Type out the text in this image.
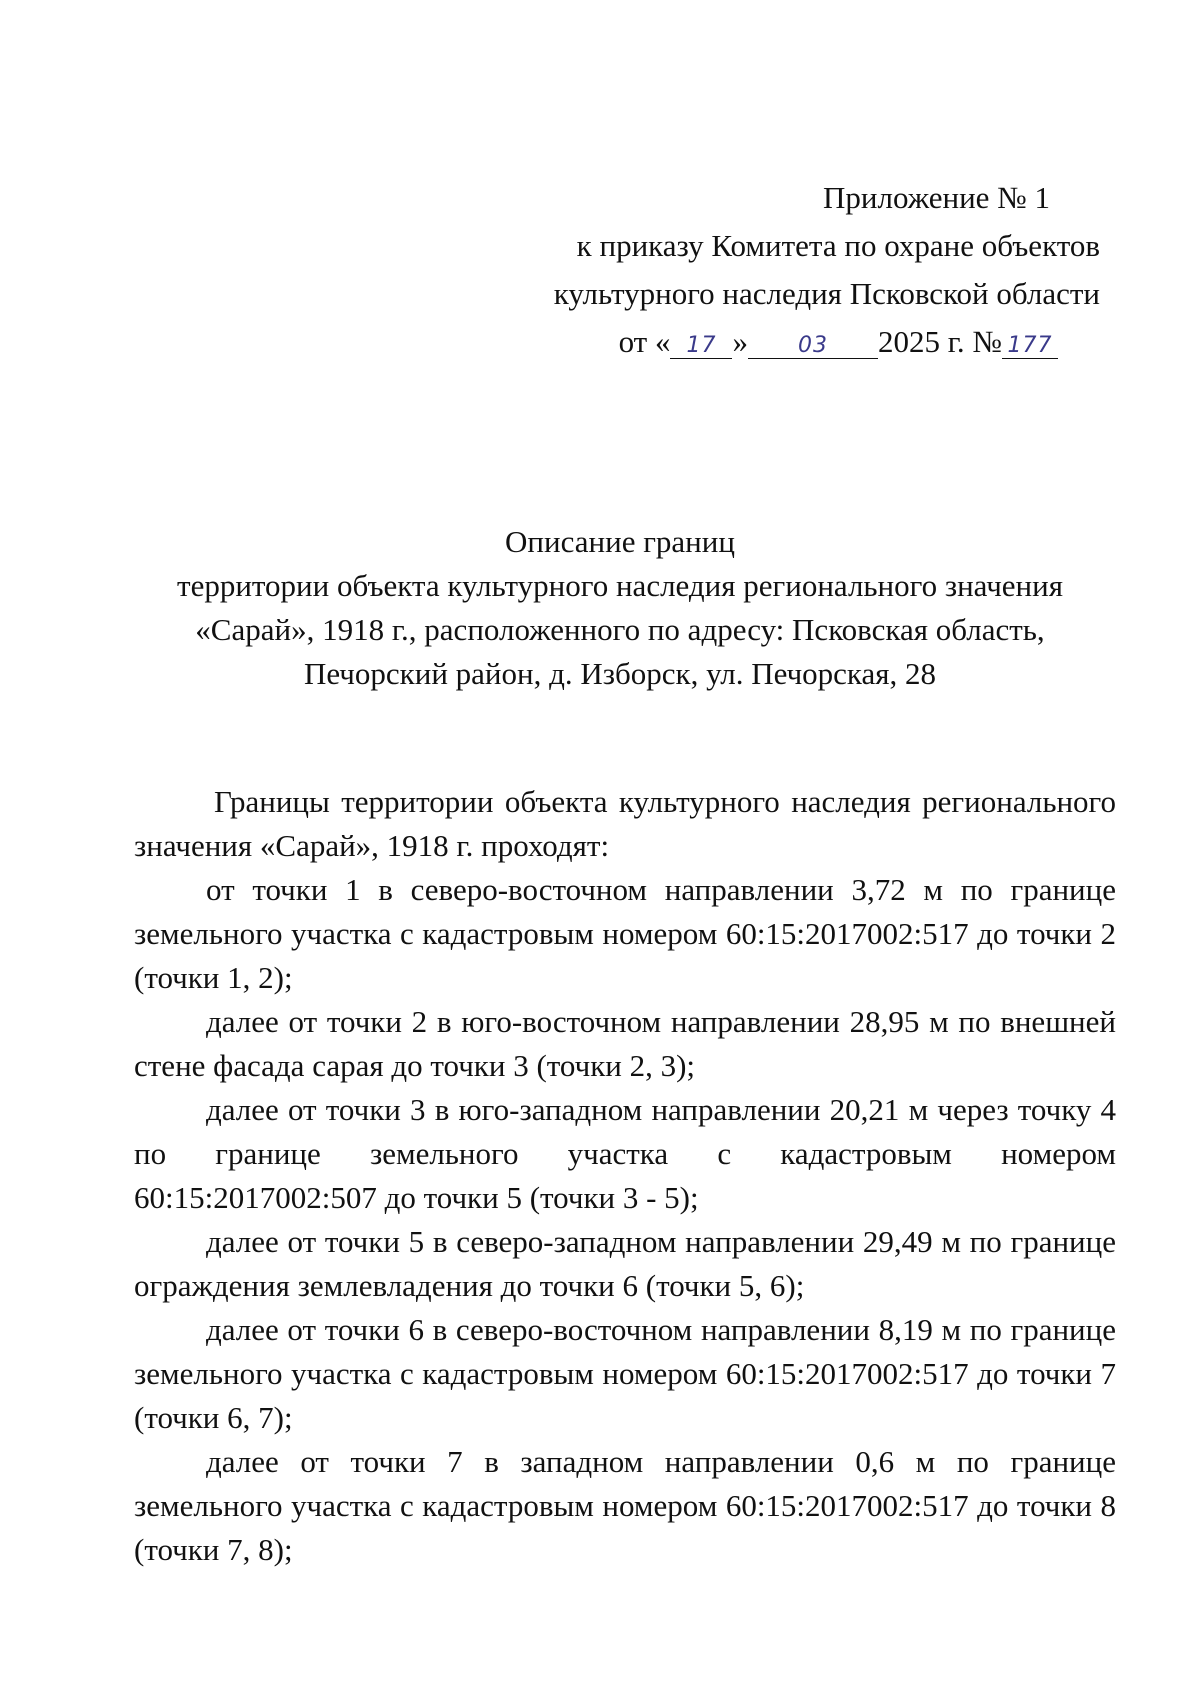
Приложение № 1
к приказу Комитета по охране объектов
культурного наследия Псковской области
от « 17 » 03 2025 г. № 177
Описание границ
территории объекта культурного наследия регионального значения
«Сарай», 1918 г., расположенного по адресу: Псковская область,
Печорский район, д. Изборск, ул. Печорская, 28

Границы территории объекта культурного наследия регионального значения «Сарай», 1918 г. проходят:

от точки 1 в северо-восточном направлении 3,72 м по границе земельного участка с кадастровым номером 60:15:2017002:517 до точки 2 (точки 1, 2);

далее от точки 2 в юго-восточном направлении 28,95 м по внешней стене фасада сарая до точки 3 (точки 2, 3);

далее от точки 3 в юго-западном направлении 20,21 м через точку 4 по границе земельного участка с кадастровым номером 60:15:2017002:507 до точки 5 (точки 3 - 5);

далее от точки 5 в северо-западном направлении 29,49 м по границе ограждения землевладения до точки 6 (точки 5, 6);

далее от точки 6 в северо-восточном направлении 8,19 м по границе земельного участка с кадастровым номером 60:15:2017002:517 до точки 7 (точки 6, 7);

далее от точки 7 в западном направлении 0,6 м по границе земельного участка с кадастровым номером 60:15:2017002:517 до точки 8 (точки 7, 8);
